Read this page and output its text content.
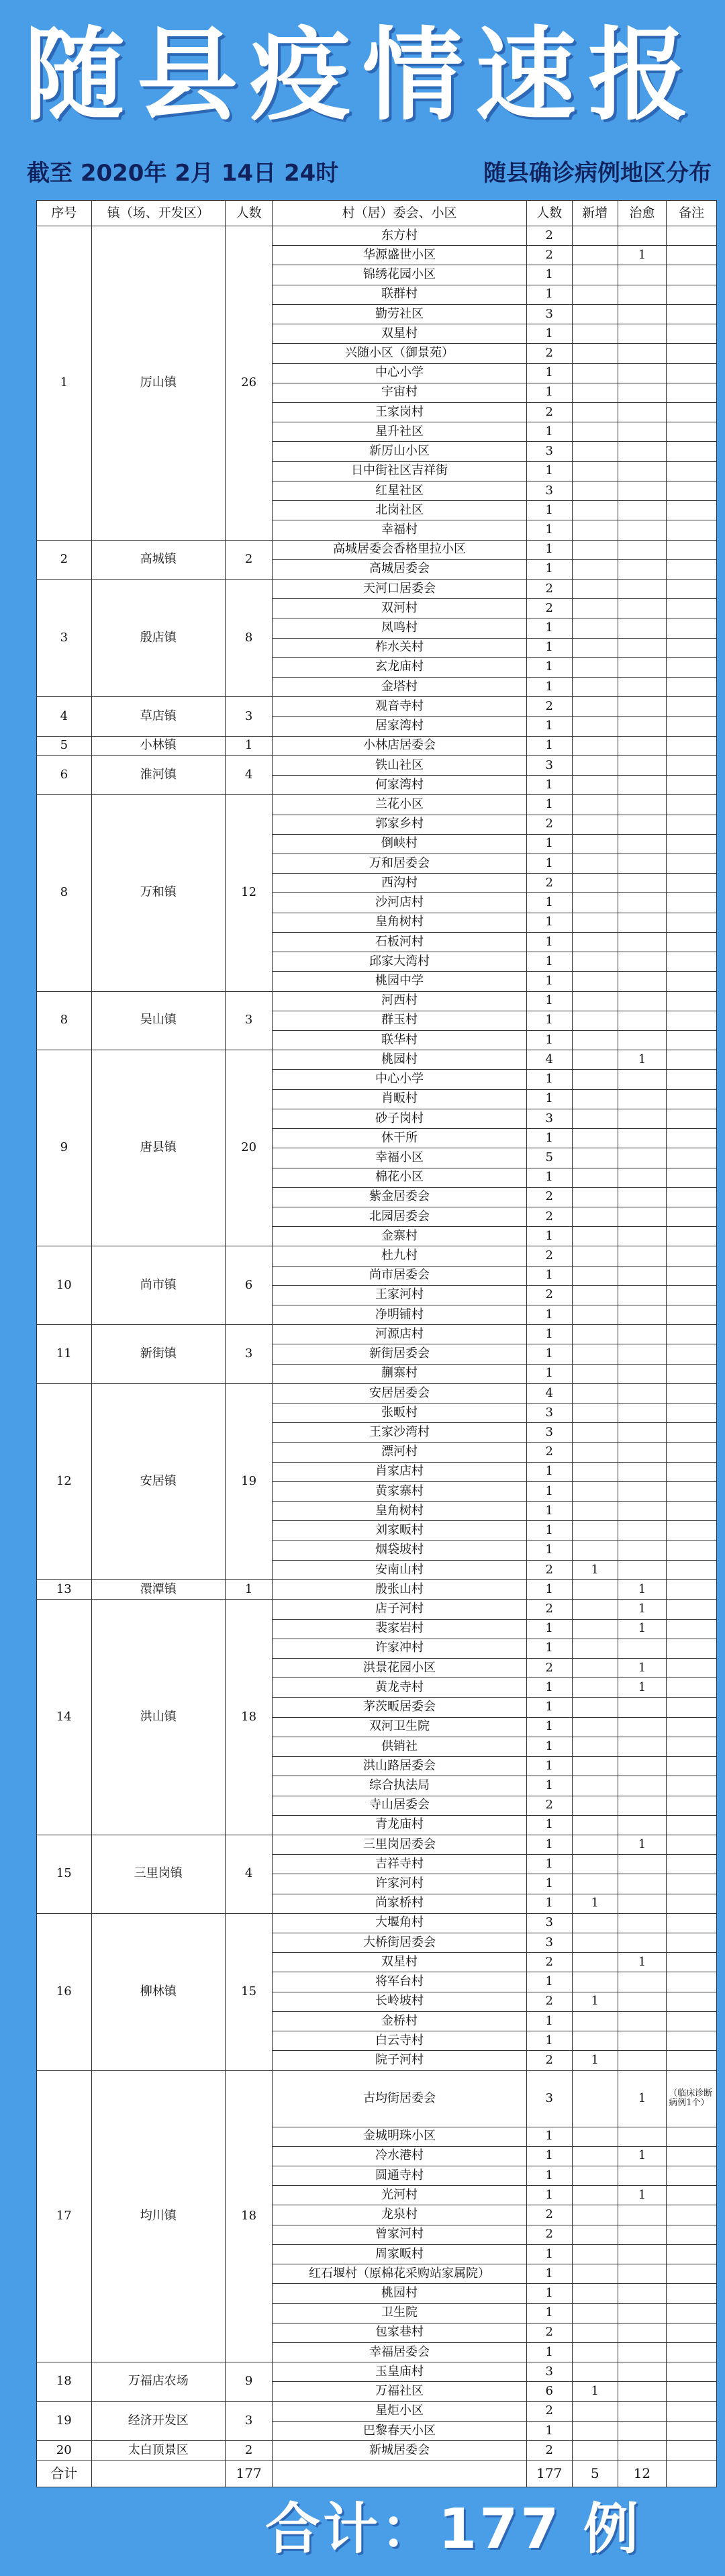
随县疫情速报
截至 2020年 2月 14日 24时	随县确诊病例地区分布
序号	镇（场、开发区）	人数	村（居）委会、小区	人数	新增	治愈	备注
1	厉山镇	26	东方村	2			
			华源盛世小区	2		1	
			锦绣花园小区	1			
			联群村	1			
			勤劳社区	3			
			双星村	1			
			兴随小区（御景苑）	2			
			中心小学	1			
			宇宙村	1			
			王家岗村	2			
			星升社区	1			
			新厉山小区	3			
			日中街社区吉祥街	1			
			红星社区	3			
			北岗社区	1			
			幸福村	1			
2	高城镇	2	高城居委会香格里拉小区	1			
			高城居委会	1			
3	殷店镇	8	天河口居委会	2			
			双河村	2			
			凤鸣村	1			
			柞水关村	1			
			玄龙庙村	1			
			金塔村	1			
4	草店镇	3	观音寺村	2			
			居家湾村	1			
5	小林镇	1	小林店居委会	1			
6	淮河镇	4	铁山社区	3			
			何家湾村	1			
8	万和镇	12	兰花小区	1			
			郭家乡村	2			
			倒峡村	1			
			万和居委会	1			
			西沟村	2			
			沙河店村	1			
			皇角树村	1			
			石板河村	1			
			邱家大湾村	1			
			桃园中学	1			
8	吴山镇	3	河西村	1			
			群玉村	1			
			联华村	1			
9	唐县镇	20	桃园村	4		1	
			中心小学	1			
			肖畈村	1			
			砂子岗村	3			
			休干所	1			
			幸福小区	5			
			棉花小区	1			
			紫金居委会	2			
			北园居委会	2			
			金寨村	1			
10	尚市镇	6	杜九村	2			
			尚市居委会	1			
			王家河村	2			
			净明铺村	1			
11	新街镇	3	河源店村	1			
			新街居委会	1			
			蒯寨村	1			
12	安居镇	19	安居居委会	4			
			张畈村	3			
			王家沙湾村	3			
			漂河村	2			
			肖家店村	1			
			黄家寨村	1			
			皇角树村	1			
			刘家畈村	1			
			烟袋坡村	1			
			安南山村	2	1		
13	澴潭镇	1	殷张山村	1		1	
14	洪山镇	18	店子河村	2		1	
			裴家岩村	1		1	
			许家冲村	1			
			洪景花园小区	2		1	
			黄龙寺村	1		1	
			茅茨畈居委会	1			
			双河卫生院	1			
			供销社	1			
			洪山路居委会	1			
			综合执法局	1			
			寺山居委会	2			
			青龙庙村	1			
15	三里岗镇	4	三里岗居委会	1		1	
			吉祥寺村	1			
			许家河村	1			
			尚家桥村	1	1		
16	柳林镇	15	大堰角村	3			
			大桥街居委会	3			
			双星村	2		1	
			将军台村	1			
			长岭坡村	2	1		
			金桥村	1			
			白云寺村	1			
			院子河村	2	1		
17	均川镇	18	古均街居委会	3		1	（临床诊断病例1个）
			金城明珠小区	1			
			冷水港村	1		1	
			圆通寺村	1			
			光河村	1		1	
			龙泉村	2			
			曾家河村	2			
			周家畈村	1			
			红石堰村（原棉花采购站家属院）	1			
			桃园村	1			
			卫生院	1			
			包家巷村	2			
			幸福居委会	1			
18	万福店农场	9	玉皇庙村	3			
			万福社区	6	1		
19	经济开发区	3	星炬小区	2			
			巴黎春天小区	1			
20	太白顶景区	2	新城居委会	2			
合计		177		177	5	12	
合计：177 例
